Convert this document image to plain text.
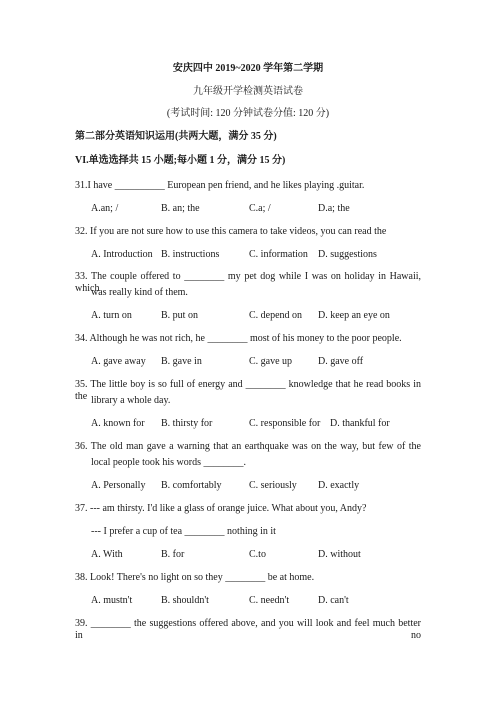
安庆四中 2019~2020 学年第二学期
九年级开学检测英语试卷
(考试时间: 120 分钟试卷分值: 120 分)
第二部分英语知识运用(共两大题，满分 35 分)
VI.单选选择共 15 小题;每小题 1 分，满分 15 分)
31.I have __________ European pen friend, and he likes playing .guitar.
A.an; /	B. an; the	C.a; /	D.a; the
32. If you are not sure how to use this camera to take videos, you can read the
A. Introduction B. instructions	C. information D. suggestions
33. The couple offered to ________ my pet dog while I was on holiday in Hawaii, which
was really kind of them.
A. turn on	B. put on	C. depend on D. keep an eye on
34. Although he was not rich, he ________ most of his money to the poor people.
A. gave away B. gave in	C. gave up	D. gave off
35. The little boy is so full of energy and ________ knowledge that he read books in the library a whole day.
A. known for B. thirsty for	C. responsible for D. thankful for
36. The old man gave a warning that an earthquake was on the way, but few of the
local people took his words ________.
A. Personally B. comfortably	C. seriously D. exactly
37. --- am thirsty. I'd like a glass of orange juice. What about you, Andy?
--- I prefer a cup of tea ________ nothing in it
A. With	B. for	C.to	D. without
38. Look! There's no light on so they ________ be at home.
A. mustn't	B. shouldn't	C. needn't	D. can't
39. ________ the suggestions offered above, and you will look and feel much better in no
